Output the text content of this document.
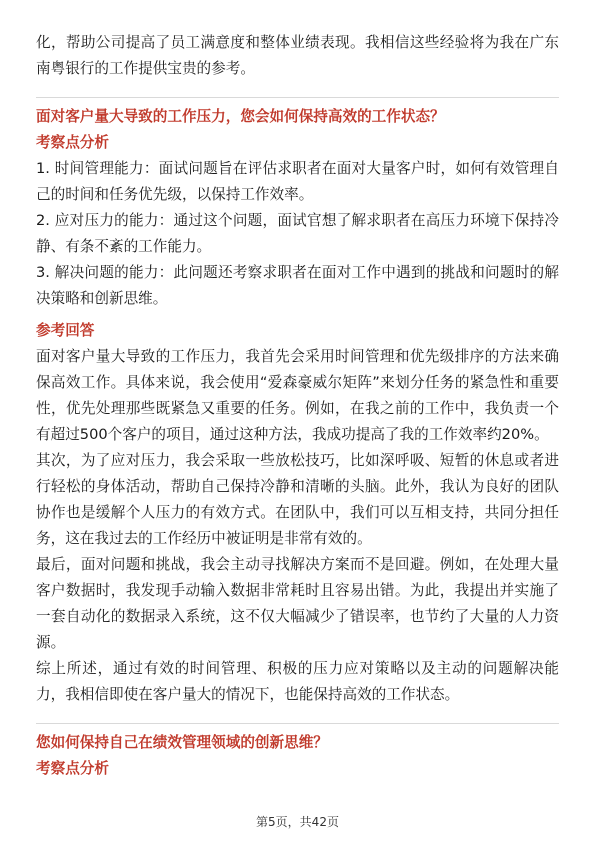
化，帮助公司提高了员工满意度和整体业绩表现。我相信这些经验将为我在广东南粤银行的工作提供宝贵的参考。

面对客户量大导致的工作压力，您会如何保持高效的工作状态？

考察点分析

1. 时间管理能力：面试问题旨在评估求职者在面对大量客户时，如何有效管理自己的时间和任务优先级，以保持工作效率。

2. 应对压力的能力：通过这个问题，面试官想了解求职者在高压力环境下保持冷静、有条不紊的工作能力。

3. 解决问题的能力：此问题还考察求职者在面对工作中遇到的挑战和问题时的解决策略和创新思维。

参考回答

面对客户量大导致的工作压力，我首先会采用时间管理和优先级排序的方法来确保高效工作。具体来说，我会使用“爱森豪威尔矩阵”来划分任务的紧急性和重要性，优先处理那些既紧急又重要的任务。例如，在我之前的工作中，我负责一个有超过500个客户的项目，通过这种方法，我成功提高了我的工作效率约20%。

其次，为了应对压力，我会采取一些放松技巧，比如深呼吸、短暂的休息或者进行轻松的身体活动，帮助自己保持冷静和清晰的头脑。此外，我认为良好的团队协作也是缓解个人压力的有效方式。在团队中，我们可以互相支持，共同分担任务，这在我过去的工作经历中被证明是非常有效的。

最后，面对问题和挑战，我会主动寻找解决方案而不是回避。例如，在处理大量客户数据时，我发现手动输入数据非常耗时且容易出错。为此，我提出并实施了一套自动化的数据录入系统，这不仅大幅减少了错误率，也节约了大量的人力资源。

综上所述，通过有效的时间管理、积极的压力应对策略以及主动的问题解决能力，我相信即使在客户量大的情况下，也能保持高效的工作状态。

您如何保持自己在绩效管理领域的创新思维？

考察点分析

第5页，共42页
